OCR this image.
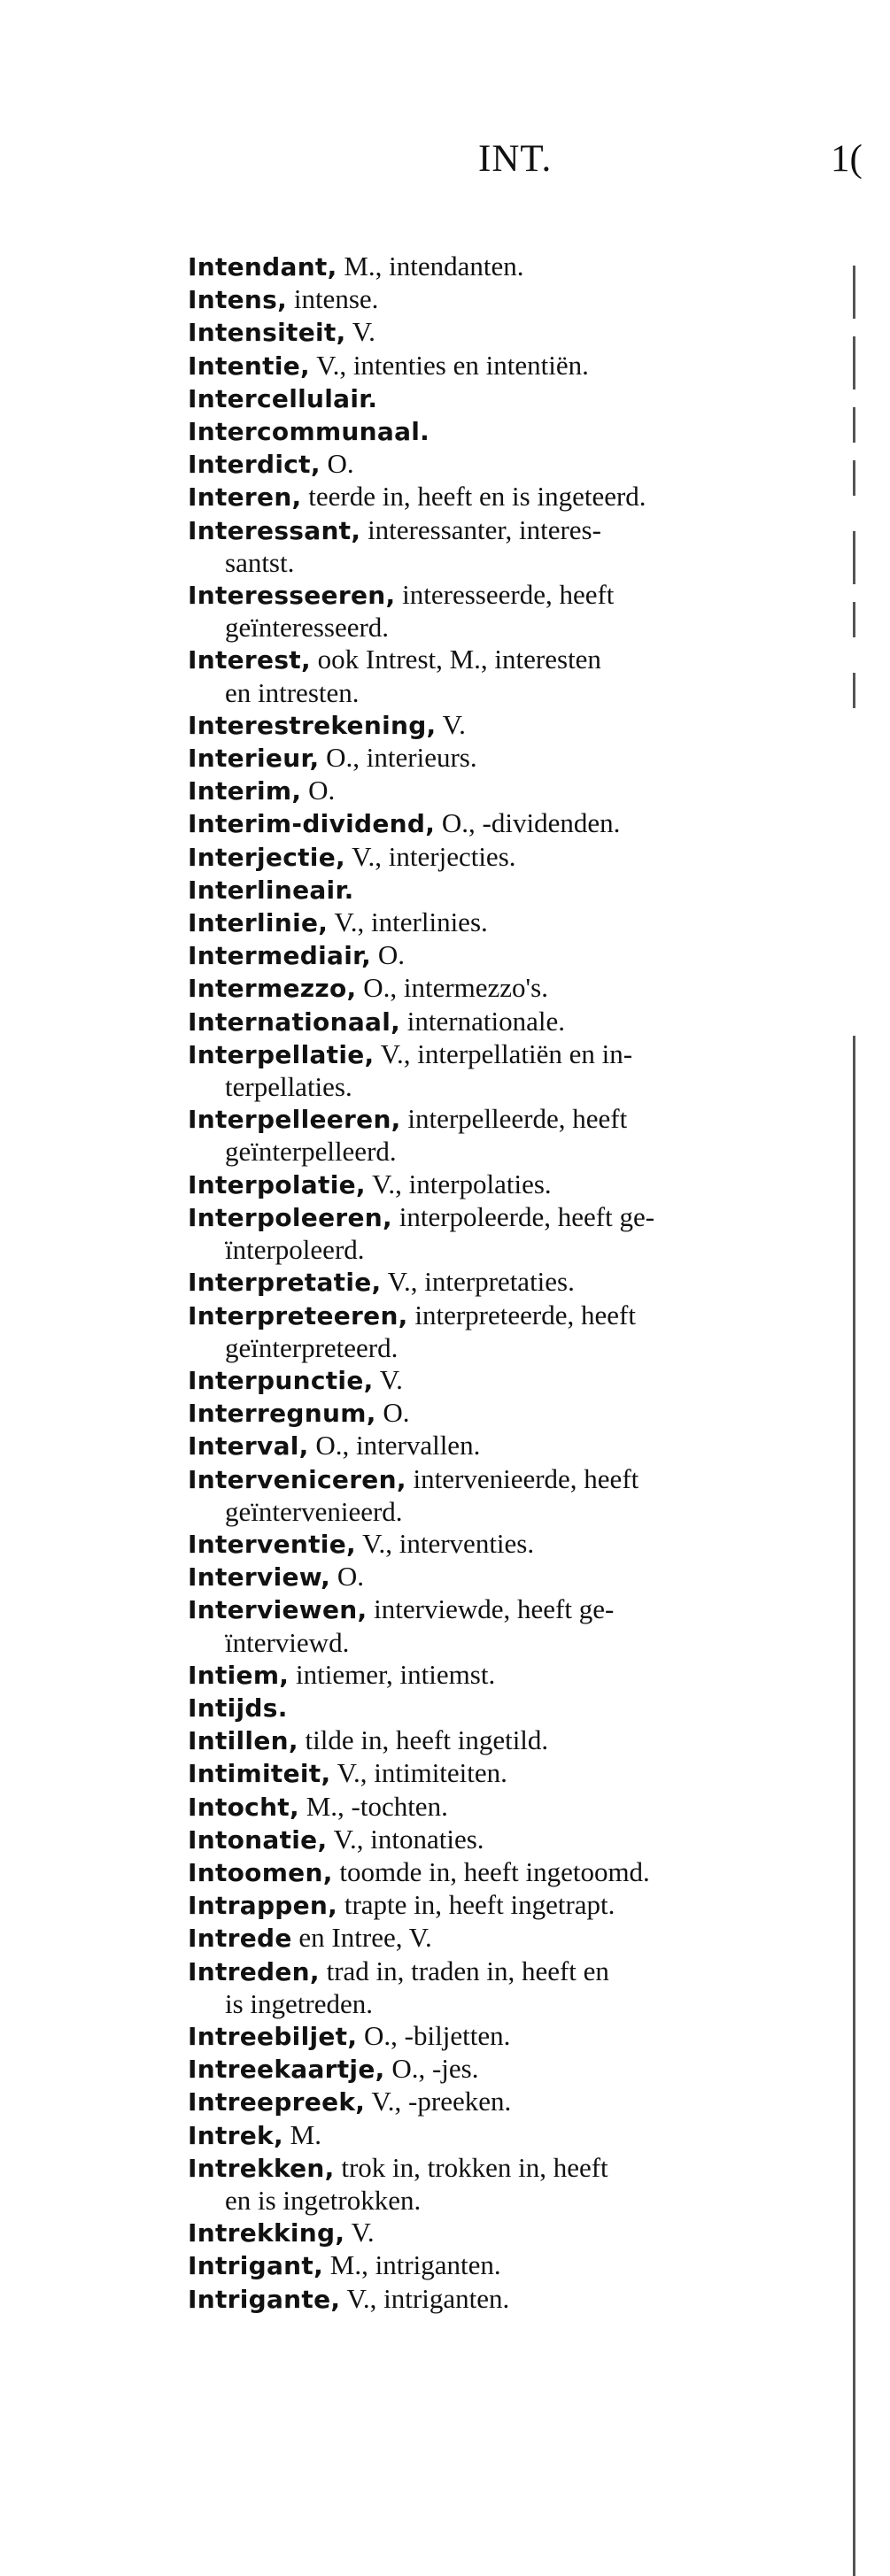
INT.	1(
Intendant, M., intendanten.
Intens, intense.
Intensiteit, V.
Intentie, V., intenties en intentiën.
Intercellulair.
Intercommunaal.
Interdict, O.
Interen, teerde in, heeft en is ingeteerd.
Interessant, interessanter, interes-
santst.
Interesseeren, interesseerde, heeft
geïnteresseerd.
Interest, ook Intrest, M., interesten
en intresten.
Interestrekening, V.
Interieur, O., interieurs.
Interim, O.
Interim-dividend, O., -dividenden.
Interjectie, V., interjecties.
Interlineair.
Interlinie, V., interlinies.
Intermediair, O.
Intermezzo, O., intermezzo's.
Internationaal, internationale.
Interpellatie, V., interpellatiën en in-
terpellaties.
Interpelleeren, interpelleerde, heeft
geïnterpelleerd.
Interpolatie, V., interpolaties.
Interpoleeren, interpoleerde, heeft ge-
ïnterpoleerd.
Interpretatie, V., interpretaties.
Interpreteeren, interpreteerde, heeft
geïnterpreteerd.
Interpunctie, V.
Interregnum, O.
Interval, O., intervallen.
Interveniceren, intervenieerde, heeft
geïntervenieerd.
Interventie, V., interventies.
Interview, O.
Interviewen, interviewde, heeft ge-
ïnterviewd.
Intiem, intiemer, intiemst.
Intijds.
Intillen, tilde in, heeft ingetild.
Intimiteit, V., intimiteiten.
Intocht, M., -tochten.
Intonatie, V., intonaties.
Intoomen, toomde in, heeft ingetoomd.
Intrappen, trapte in, heeft ingetrapt.
Intrede en Intree, V.
Intreden, trad in, traden in, heeft en
is ingetreden.
Intreebiljet, O., -biljetten.
Intreekaartje, O., -jes.
Intreepreek, V., -preeken.
Intrek, M.
Intrekken, trok in, trokken in, heeft
en is ingetrokken.
Intrekking, V.
Intrigant, M., intriganten.
Intrigante, V., intriganten.
